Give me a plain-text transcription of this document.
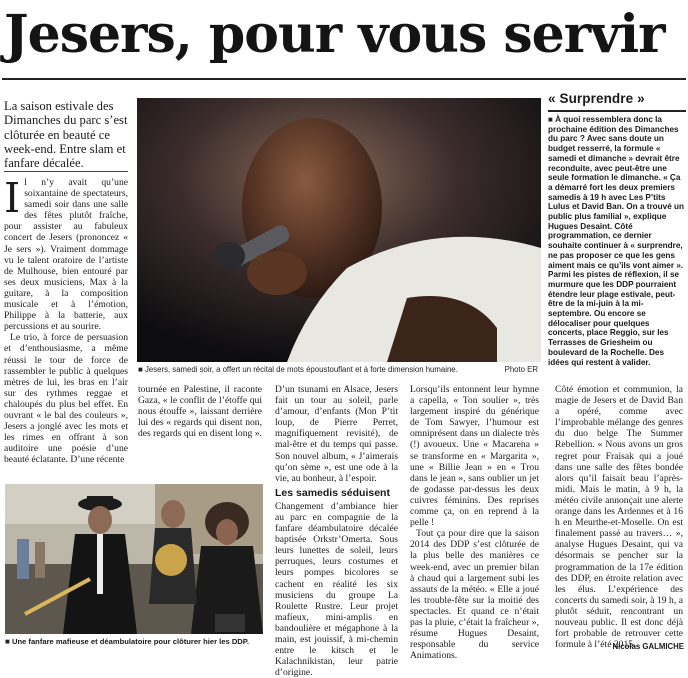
Jesers, pour vous servir
La saison estivale des Dimanches du parc s’est clôturée en beauté ce week-end. Entre slam et fanfare décalée.

Il n’y avait qu’une soixantaine de spectateurs, samedi soir dans une salle des fêtes plutôt fraîche, pour assister au fabuleux concert de Jesers (prononcez « Je sers »). Vraiment dommage vu le talent oratoire de l’artiste de Mulhouse, bien entouré par ses deux musiciens, Max à la guitare, à la composition musicale et à l’émotion, Philippe à la batterie, aux percussions et au sourire.

Le trio, à force de persuasion et d’enthousiasme, a même réussi le tour de force de rassembler le public à quelques mètres de lui, les bras en l’air sur des rythmes reggae et chaloupés du plus bel effet. En ouvrant « le bal des couleurs », Jesers a jonglé avec les mots et les rimes en offrant à son auditoire une poésie d’une beauté éclatante. D’une récente

■ Jesers, samedi soir, a offert un récital de mots époustouflant et à forte dimension humaine.	Photo ER

tournée en Palestine, il raconte Gaza, « le conflit de l’étoffe qui nous étouffe », laissant derrière lui des « regards qui disent non, des regards qui en disent long ».

D’un tsunami en Alsace, Jesers fait un tour au soleil, parle d’amour, d’enfants (Mon P’tit loup, de Pierre Perret, magnifiquement revisité), de mal-être et du temps qui passe. Son nouvel album, « J’aimerais qu’on sème », est une ode à la vie, au bonheur, à l’espoir.

Les samedis séduisent

Changement d’ambiance hier au parc en compagnie de la fanfare déambulatoire décalée baptisée Orkstr’Omerta. Sous leurs lunettes de soleil, leurs perruques, leurs costumes et leurs pompes bicolores se cachent en réalité les six musiciens du groupe La Roulette Rustre. Leur projet mafieux, mini-amplis en bandoulière et mégaphone à la main, est jouissif, à mi-chemin entre le kitsch et le Kalachnikistan, leur patrie d’origine.

Lorsqu’ils entonnent leur hymne a capella, « Ton soulier », très largement inspiré du générique de Tom Sawyer, l’humour est omniprésent dans un dialecte très (!) avoueux. Une « Macarena » se transforme en « Margarita », une « Billie Jean » en « Trou dans le jean », sans oublier un jet de godasse par-dessus les deux cuivres féminins. Des reprises comme ça, on en reprend à la pelle !

Tout ça pour dire que la saison 2014 des DDP s’est clôturée de la plus belle des manières ce week-end, avec un premier bilan à chaud qui a largement subi les assauts de la météo. « Elle a joué les trouble-fête sur la moitié des spectacles. Et quand ce n’était pas la pluie, c’était la fraîcheur », résume Hugues Desaint, responsable du service Animations.

Côté émotion et communion, la magie de Jesers et de David Ban a opéré, comme avec l’improbable mélange des genres du duo belge The Summer Rebellion. « Nous avons un gros regret pour Fraisak qui a joué dans une salle des fêtes bondée alors qu’il faisait beau l’après-midi. Mais le matin, à 9 h, la météo civile annonçait une alerte orange dans les Ardennes et à 16 h en Meurthe-et-Moselle. On est finalement passé au travers… », analyse Hugues Desaint, qui va désormais se pencher sur la programmation de la 17e édition des DDP, en étroite relation avec les élus. L’expérience des concerts du samedi soir, à 19 h, a plutôt séduit, rencontrant un nouveau public. Il est donc déjà fort probable de retrouver cette formule à l’été 2015.

« Surprendre »
■ À quoi ressemblera donc la prochaine édition des Dimanches du parc ? Avec sans doute un budget resserré, la formule « samedi et dimanche » devrait être reconduite, avec peut-être une seule formation le dimanche. « Ça a démarré fort les deux premiers samedis à 19 h avec Les P’tits Lulus et David Ban. On a trouvé un public plus familial », explique Hugues Desaint. Côté programmation, ce dernier souhaite continuer à « surprendre, ne pas proposer ce que les gens aiment mais ce qu’ils vont aimer ». Parmi les pistes de réflexion, il se murmure que les DDP pourraient étendre leur plage estivale, peut-être de la mi-juin à la mi-septembre. Ou encore se délocaliser pour quelques concerts, place Reggio, sur les Terrasses de Griesheim ou boulevard de la Rochelle. Des idées qui restent à valider.
■ Une fanfare mafieuse et déambulatoire pour clôturer hier les DDP.
Nicolas GALMICHE
